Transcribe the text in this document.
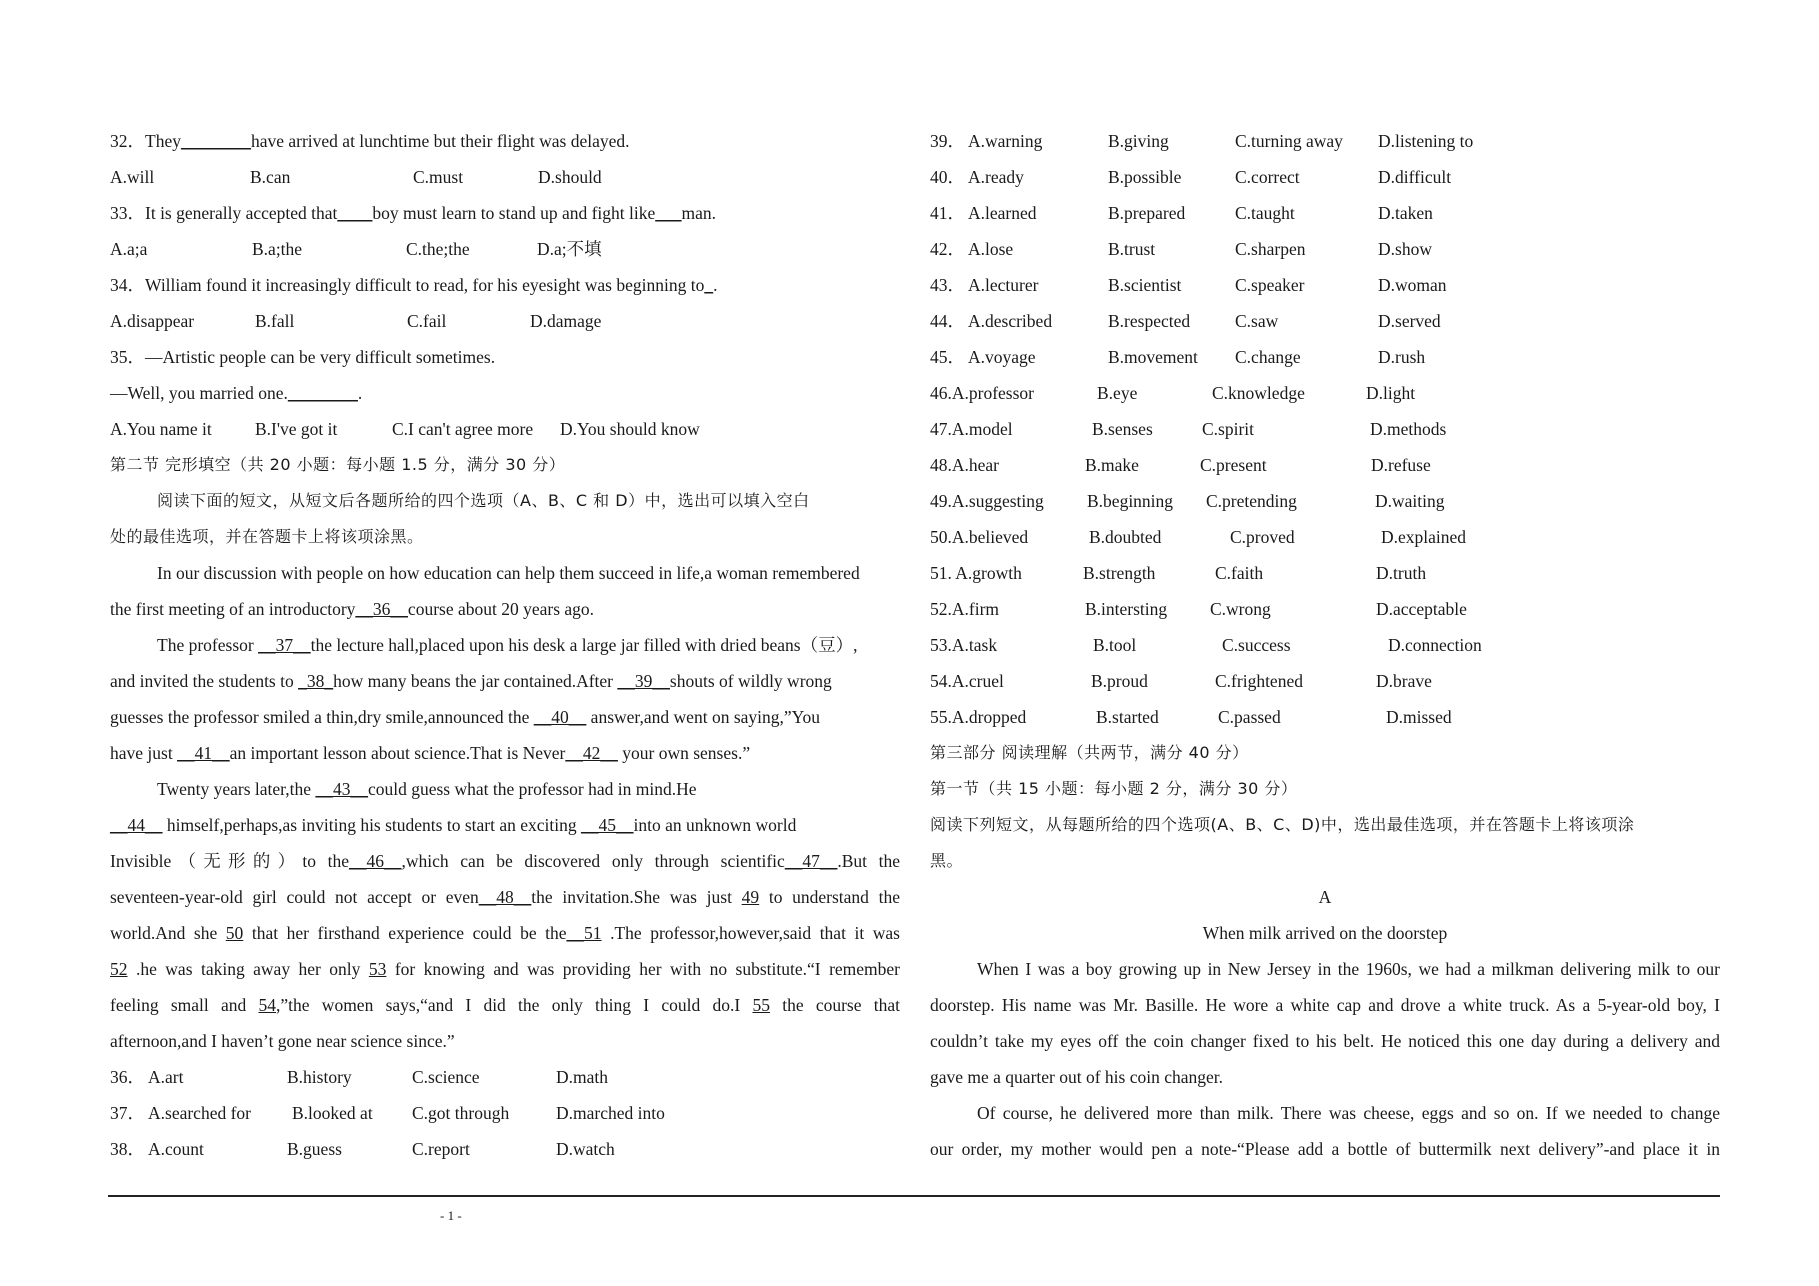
32．They________have arrived at lunchtime but their flight was delayed.
A.will	B.can	C.must	D.should
33．It is generally accepted that____boy must learn to stand up and fight like___man.
A.a;a	B.a;the	C.the;the	D.a;不填
34．William found it increasingly difficult to read, for his eyesight was beginning to_.
A.disappear	B.fall	C.fail	D.damage
35．—Artistic people can be very difficult sometimes.
—Well, you married one.________.
A.You name it B.I've got it	C.I can't agree more D.You should know
第二节 完形填空（共 20 小题：每小题 1.5 分，满分 30 分）
阅读下面的短文，从短文后各题所给的四个选项（A、B、C 和 D）中，选出可以填入空白
处的最佳选项，并在答题卡上将该项涂黑。
In our discussion with people on how education can help them succeed in life,a woman remembered
the first meeting of an introductory__36__course about 20 years ago.
The professor __37__the lecture hall,placed upon his desk a large jar filled with dried beans（豆）,
and invited the students to _38_how many beans the jar contained.After __39__shouts of wildly wrong
guesses the professor smiled a thin,dry smile,announced the __40__ answer,and went on saying,”You
have just __41__an important lesson about science.That is Never__42__ your own senses.”
Twenty years later,the __43__could guess what the professor had in mind.He
__44__ himself,perhaps,as inviting his students to start an exciting __45__into an unknown world
Invisible（无形的）to the__46__,which can be discovered only through scientific__47__.But the
seventeen-year-old girl could not accept or even__48__the invitation.She was just 49 to understand the
world.And she 50 that her firsthand experience could be the__51 .The professor,however,said that it was
52 .he was taking away her only 53 for knowing and was providing her with no substitute.“I remember
feeling small and 54,”the women says,“and I did the only thing I could do.I 55 the course that
afternoon,and I haven’t gone near science since.”
36． A.art	B.history	C.science	D.math
37． A.searched for B.looked at C.got through	D.marched into
38． A.count	B.guess	C.report	D.watch
39． A.warning	B.giving	C.turning away D.listening to
40． A.ready	B.possible	C.correct	D.difficult
41． A.learned	B.prepared	C.taught	D.taken
42． A.lose	B.trust	C.sharpen	D.show
43． A.lecturer	B.scientist	C.speaker	D.woman
44． A.described	B.respected	C.saw	D.served
45． A.voyage	B.movement C.change	D.rush
46.A.professor	B.eye	C.knowledge	D.light
47.A.model	B.senses	C.spirit	D.methods
48.A.hear	B.make	C.present	D.refuse
49.A.suggesting B.beginning C.pretending	D.waiting
50.A.believed	B.doubted	C.proved	D.explained
51. A.growth	B.strength	C.faith	D.truth
52.A.firm	B.intersting C.wrong	D.acceptable
53.A.task	B.tool	C.success	D.connection
54.A.cruel	B.proud	C.frightened	D.brave
55.A.dropped	B.started	C.passed	D.missed
第三部分 阅读理解（共两节，满分 40 分）
第一节（共 15 小题：每小题 2 分，满分 30 分）
阅读下列短文，从每题所给的四个选项(A、B、C、D)中，选出最佳选项，并在答题卡上将该项涂
黑。
A
When milk arrived on the doorstep
When I was a boy growing up in New Jersey in the 1960s, we had a milkman delivering milk to our
doorstep. His name was Mr. Basille. He wore a white cap and drove a white truck. As a 5-year-old boy, I
couldn’t take my eyes off the coin changer fixed to his belt. He noticed this one day during a delivery and
gave me a quarter out of his coin changer.
Of course, he delivered more than milk. There was cheese, eggs and so on. If we needed to change
our order, my mother would pen a note-“Please add a bottle of buttermilk next delivery”-and place it in
- 1 -
